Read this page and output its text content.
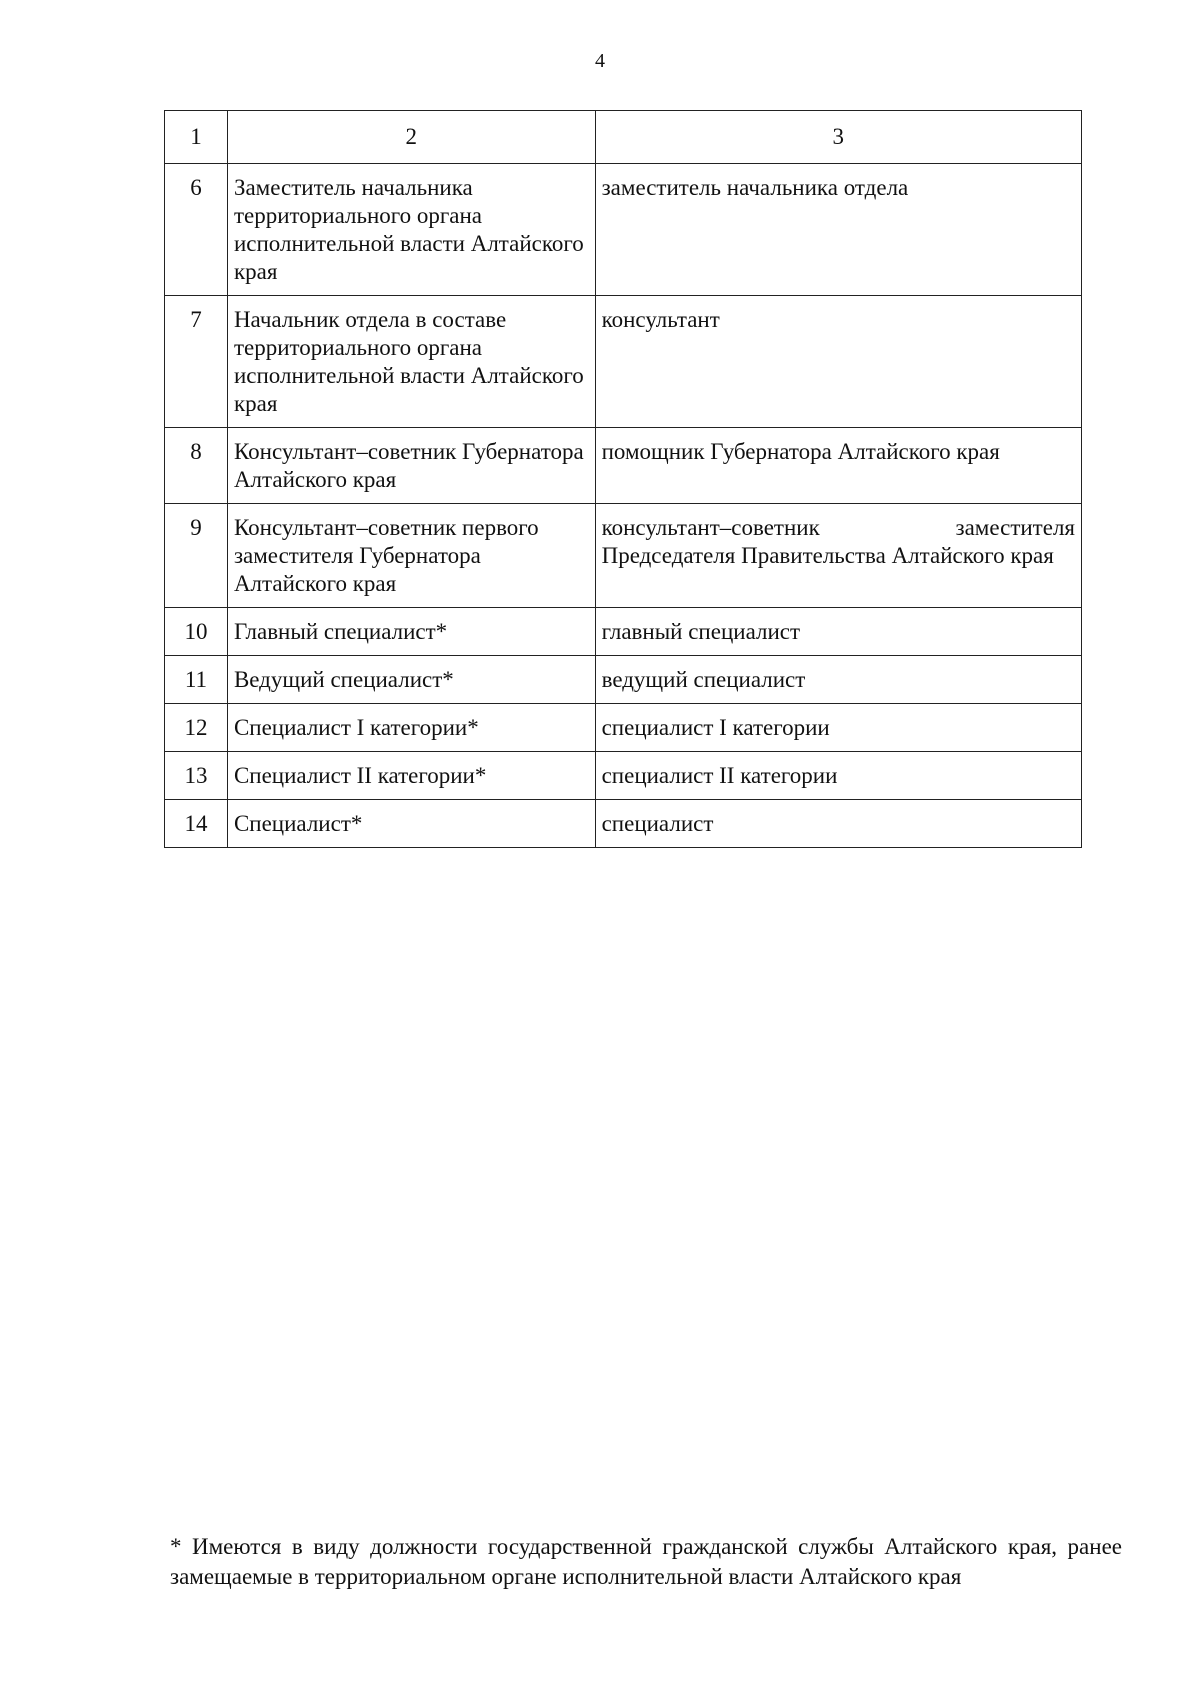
4
1	2	3
6	Заместитель начальника территориального органа исполнительной власти Алтайского края	заместитель начальника отдела
7	Начальник отдела в составе территориального органа исполнительной власти Алтайского края	консультант
8	Консультант–советник Губернатора Алтайского края	помощник Губернатора Алтайского края
9	Консультант–советник первого заместителя Губернатора Алтайского края	консультант–советник заместителя Председателя Правительства Алтайского края
10	Главный специалист*	главный специалист
11	Ведущий специалист*	ведущий специалист
12	Специалист I категории*	специалист I категории
13	Специалист II категории*	специалист II категории
14	Специалист*	специалист
* Имеются в виду должности государственной гражданской службы Алтайского края, ранее замещаемые в территориальном органе исполнительной власти Алтайского края
